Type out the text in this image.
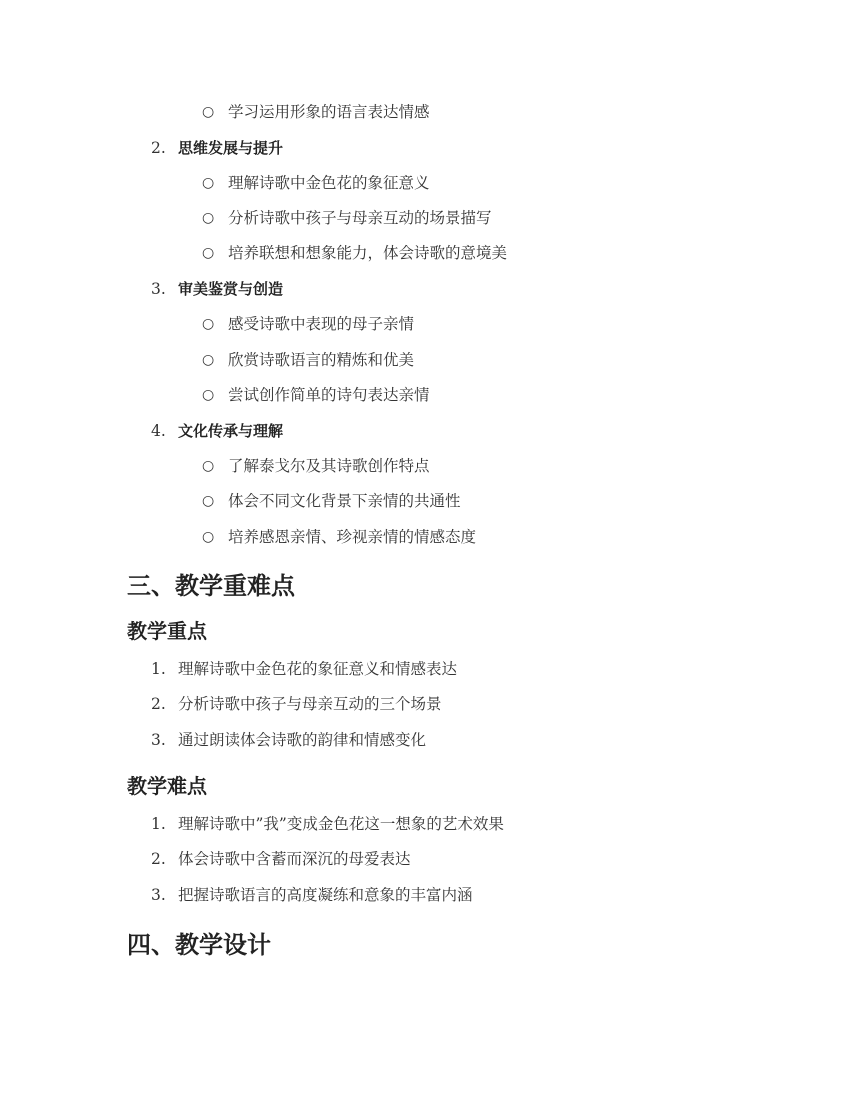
○ 学习运用形象的语言表达情感
2. 思维发展与提升
○ 理解诗歌中金色花的象征意义
○ 分析诗歌中孩子与母亲互动的场景描写
○ 培养联想和想象能力，体会诗歌的意境美
3. 审美鉴赏与创造
○ 感受诗歌中表现的母子亲情
○ 欣赏诗歌语言的精炼和优美
○ 尝试创作简单的诗句表达亲情
4. 文化传承与理解
○ 了解泰戈尔及其诗歌创作特点
○ 体会不同文化背景下亲情的共通性
○ 培养感恩亲情、珍视亲情的情感态度
三、教学重难点
教学重点
1. 理解诗歌中金色花的象征意义和情感表达
2. 分析诗歌中孩子与母亲互动的三个场景
3. 通过朗读体会诗歌的韵律和情感变化
教学难点
1. 理解诗歌中”我”变成金色花这一想象的艺术效果
2. 体会诗歌中含蓄而深沉的母爱表达
3. 把握诗歌语言的高度凝练和意象的丰富内涵
四、教学设计
